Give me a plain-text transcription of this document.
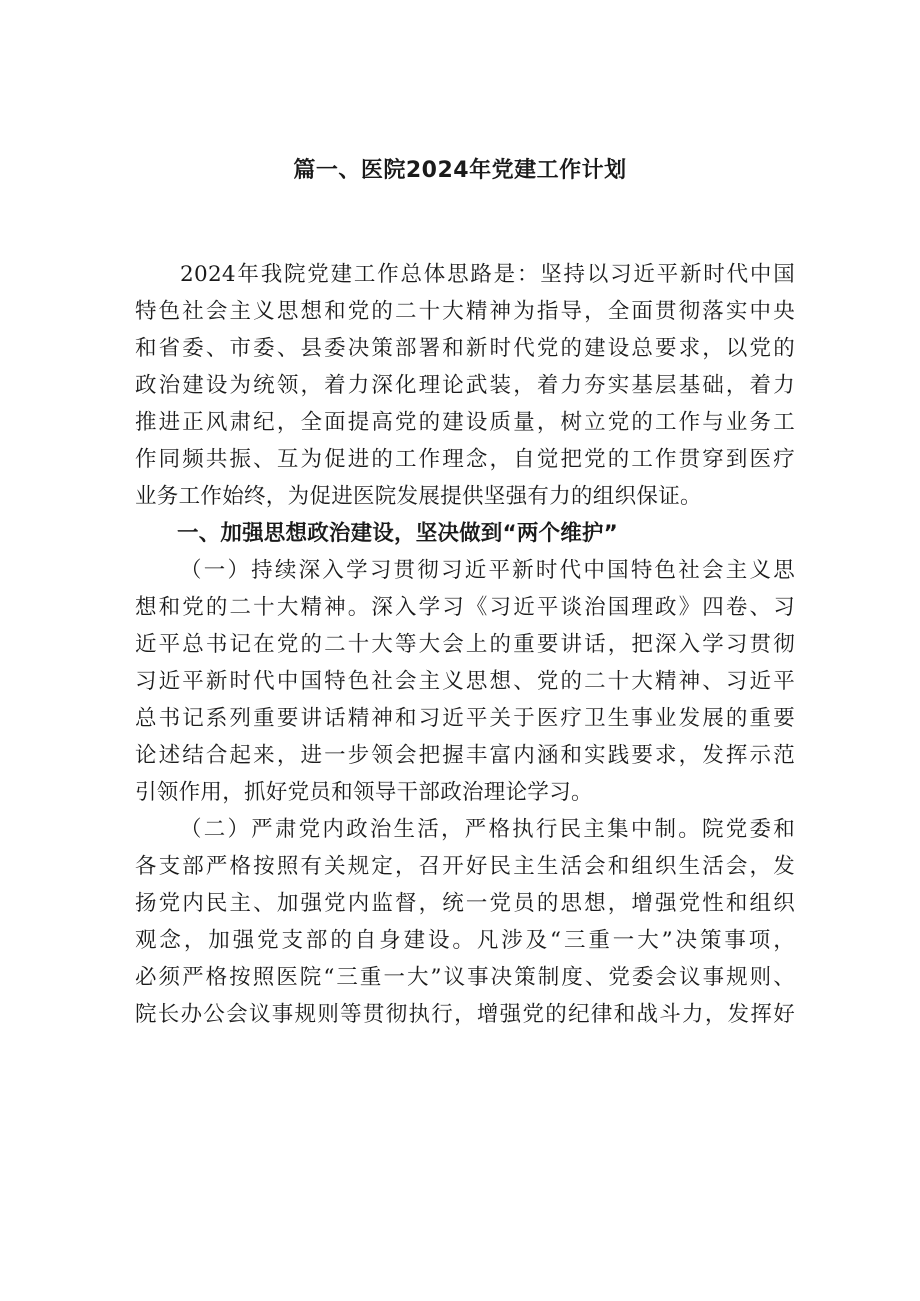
篇一、医院2024年党建工作计划
2024年我院党建工作总体思路是：坚持以习近平新时代中国
特色社会主义思想和党的二十大精神为指导，全面贯彻落实中央
和省委、市委、县委决策部署和新时代党的建设总要求，以党的
政治建设为统领，着力深化理论武装，着力夯实基层基础，着力
推进正风肃纪，全面提高党的建设质量，树立党的工作与业务工
作同频共振、互为促进的工作理念，自觉把党的工作贯穿到医疗
业务工作始终，为促进医院发展提供坚强有力的组织保证。
一、加强思想政治建设，坚决做到“两个维护”
（一）持续深入学习贯彻习近平新时代中国特色社会主义思
想和党的二十大精神。深入学习《习近平谈治国理政》四卷、习
近平总书记在党的二十大等大会上的重要讲话，把深入学习贯彻
习近平新时代中国特色社会主义思想、党的二十大精神、习近平
总书记系列重要讲话精神和习近平关于医疗卫生事业发展的重要
论述结合起来，进一步领会把握丰富内涵和实践要求，发挥示范
引领作用，抓好党员和领导干部政治理论学习。
（二）严肃党内政治生活，严格执行民主集中制。院党委和
各支部严格按照有关规定，召开好民主生活会和组织生活会，发
扬党内民主、加强党内监督，统一党员的思想，增强党性和组织
观念，加强党支部的自身建设。凡涉及“三重一大”决策事项，
必须严格按照医院“三重一大”议事决策制度、党委会议事规则、
院长办公会议事规则等贯彻执行，增强党的纪律和战斗力，发挥好
